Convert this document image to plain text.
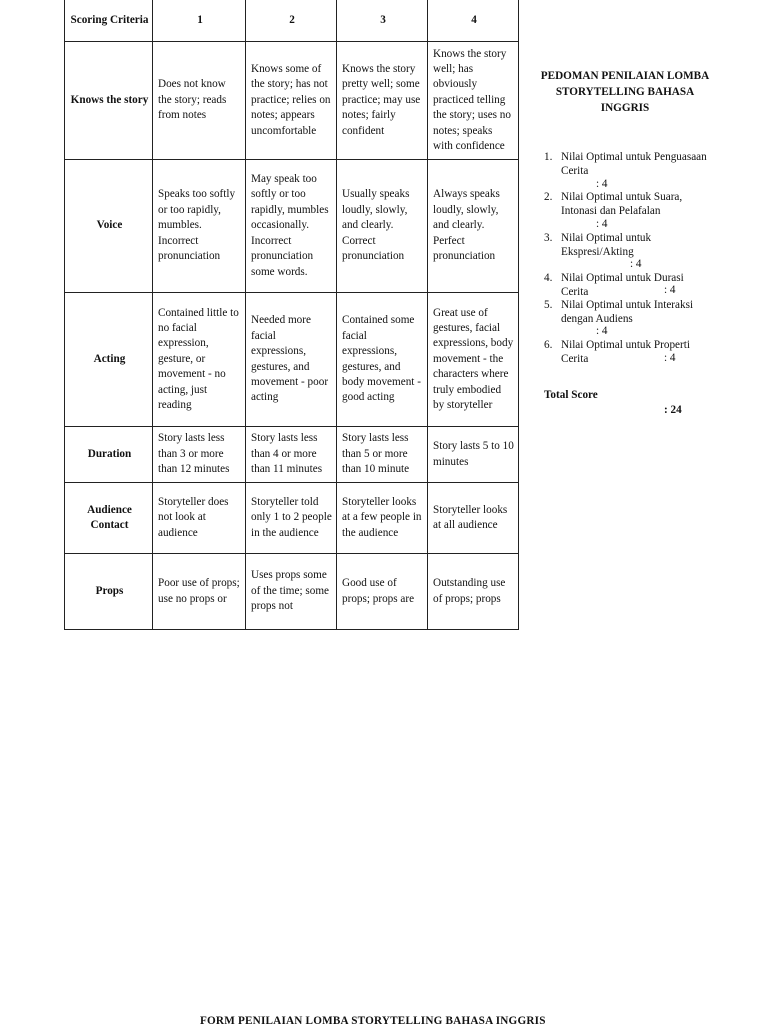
Scoring Criteria	1	2	3	4
Knows the story	Does not know the story; reads from notes	Knows some of the story; has not practice; relies on notes; appears uncomfortable	Knows the story pretty well; some practice; may use notes; fairly confident	Knows the story well; has obviously practiced telling the story; uses no notes; speaks with confidence
Voice	Speaks too softly or too rapidly, mumbles. Incorrect pronunciation	May speak too softly or too rapidly, mumbles occasionally. Incorrect pronunciation some words.	Usually speaks loudly, slowly, and clearly. Correct pronunciation	Always speaks loudly, slowly, and clearly. Perfect pronunciation
Acting	Contained little to no facial expression, gesture, or movement - no acting, just reading	Needed more facial expressions, gestures, and movement - poor acting	Contained some facial expressions, gestures, and body movement - good acting	Great use of gestures, facial expressions, body movement - the characters where truly embodied by storyteller
Duration	Story lasts less than 3 or more than 12 minutes	Story lasts less than 4 or more than 11 minutes	Story lasts less than 5 or more than 10 minute	Story lasts 5 to 10 minutes
Audience Contact	Storyteller does not look at audience	Storyteller told only 1 to 2 people in the audience	Storyteller looks at a few people in the audience	Storyteller looks at all audience
Props	Poor use of props; use no props or	Uses props some of the time; some props not	Good use of props; props are	Outstanding use of props; props
PEDOMAN PENILAIAN LOMBA STORYTELLING BAHASA INGGRIS
1. Nilai Optimal untuk Penguasaan Cerita
: 4
2. Nilai Optimal untuk Suara, Intonasi dan Pelafalan
: 4
3. Nilai Optimal untuk Ekspresi/Akting
: 4
4. Nilai Optimal untuk Durasi Cerita	: 4
5. Nilai Optimal untuk Interaksi dengan Audiens
: 4
6. Nilai Optimal untuk Properti Cerita	: 4
Total Score
: 24
FORM PENILAIAN LOMBA STORYTELLING BAHASA INGGRIS
